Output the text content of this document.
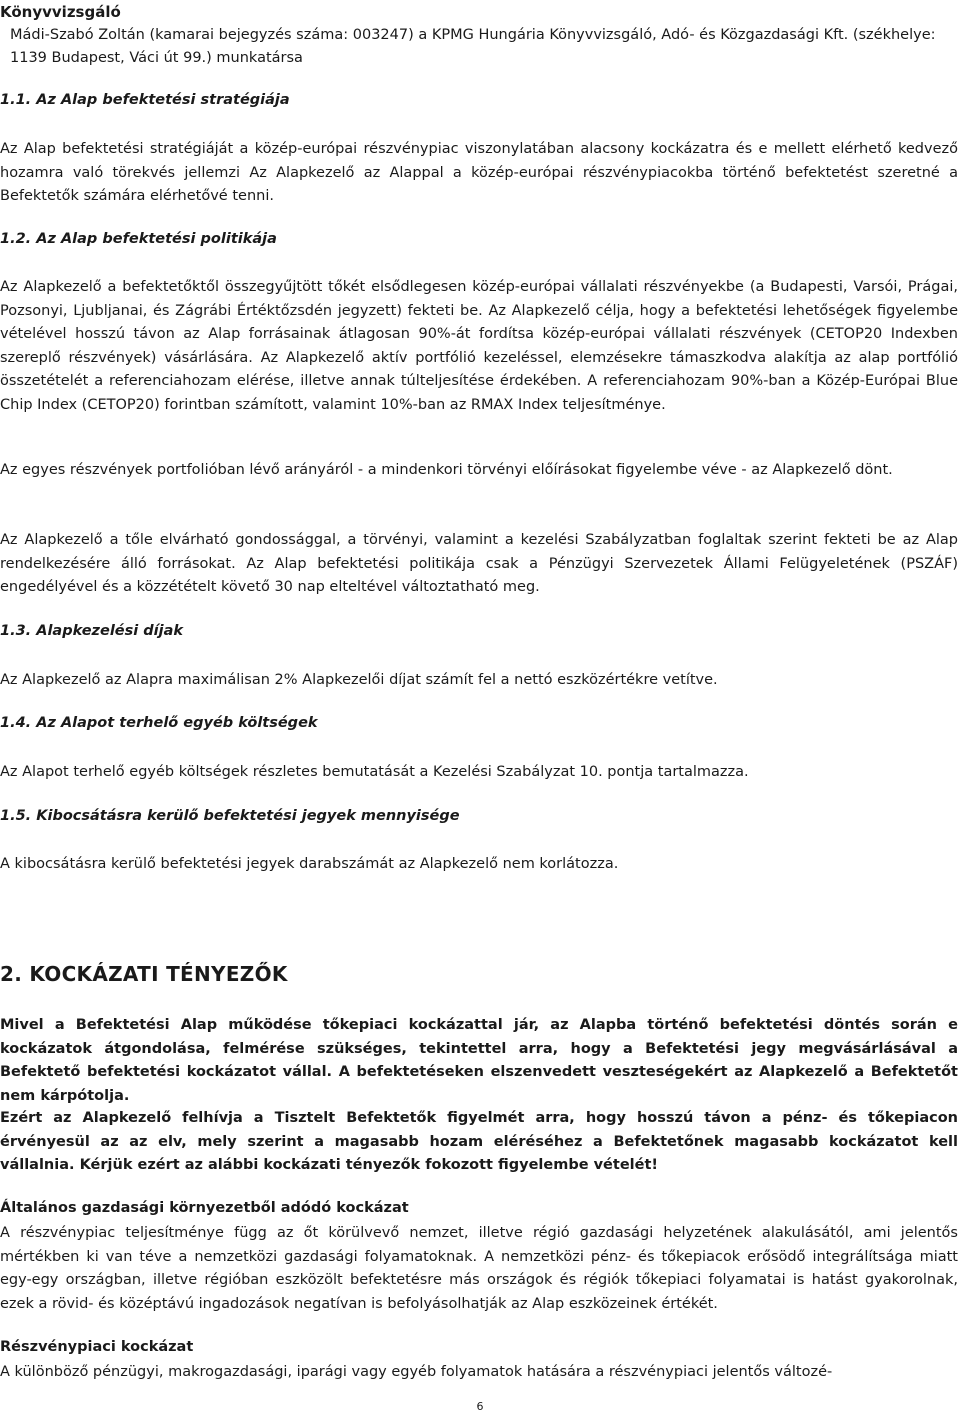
Könyvvizsgáló

Mádi-Szabó Zoltán (kamarai bejegyzés száma: 003247) a KPMG Hungária Könyvvizsgáló, Adó- és Közgazdasági Kft. (székhelye: 1139 Budapest, Váci út 99.) munkatársa

1.1. Az Alap befektetési stratégiája

Az Alap befektetési stratégiáját a közép-európai részvénypiac viszonylatában alacsony kockázatra és e mellett elérhető kedvező hozamra való törekvés jellemzi Az Alapkezelő az Alappal a közép-európai részvénypiacokba történő befektetést szeretné a Befektetők számára elérhetővé tenni.

1.2. Az Alap befektetési politikája

Az Alapkezelő a befektetőktől összegyűjtött tőkét elsődlegesen közép-európai vállalati részvényekbe (a Budapesti, Varsói, Prágai, Pozsonyi, Ljubljanai, és Zágrábi Értéktőzsdén jegyzett) fekteti be. Az Alapkezelő célja, hogy a befektetési lehetőségek figyelembe vételével hosszú távon az Alap forrásainak átlagosan 90%-át fordítsa közép-európai vállalati részvények (CETOP20 Indexben szereplő részvények) vásárlására. Az Alapkezelő aktív portfólió kezeléssel, elemzésekre támaszkodva alakítja az alap portfólió összetételét a referenciahozam elérése, illetve annak túlteljesítése érdekében. A referenciahozam 90%-ban a Közép-Európai Blue Chip Index (CETOP20) forintban számított, valamint 10%-ban az RMAX Index teljesítménye.

Az egyes részvények portfolióban lévő arányáról - a mindenkori törvényi előírásokat figyelembe véve - az Alapkezelő dönt.

Az Alapkezelő a tőle elvárható gondossággal, a törvényi, valamint a kezelési Szabályzatban foglaltak szerint fekteti be az Alap rendelkezésére álló forrásokat. Az Alap befektetési politikája csak a Pénzügyi Szervezetek Állami Felügyeletének (PSZÁF) engedélyével és a közzétételt követő 30 nap elteltével változtatható meg.

1.3. Alapkezelési díjak

Az Alapkezelő az Alapra maximálisan 2% Alapkezelői díjat számít fel a nettó eszközértékre vetítve.

1.4. Az Alapot terhelő egyéb költségek

Az Alapot terhelő egyéb költségek részletes bemutatását a Kezelési Szabályzat 10. pontja tartalmazza.

1.5. Kibocsátásra kerülő befektetési jegyek mennyisége

A kibocsátásra kerülő befektetési jegyek darabszámát az Alapkezelő nem korlátozza.

2. KOCKÁZATI TÉNYEZŐK

Mivel a Befektetési Alap működése tőkepiaci kockázattal jár, az Alapba történő befektetési döntés során e kockázatok átgondolása, felmérése szükséges, tekintettel arra, hogy a Befektetési jegy megvásárlásával a Befektető befektetési kockázatot vállal. A befektetéseken elszenvedett veszteségekért az Alapkezelő a Befektetőt nem kárpótolja.

Ezért az Alapkezelő felhívja a Tisztelt Befektetők figyelmét arra, hogy hosszú távon a pénz- és tőkepiacon érvényesül az az elv, mely szerint a magasabb hozam eléréséhez a Befektetőnek magasabb kockázatot kell vállalnia. Kérjük ezért az alábbi kockázati tényezők fokozott figyelembe vételét!

Általános gazdasági környezetből adódó kockázat

A részvénypiac teljesítménye függ az őt körülvevő nemzet, illetve régió gazdasági helyzetének alakulásától, ami jelentős mértékben ki van téve a nemzetközi gazdasági folyamatoknak. A nemzetközi pénz- és tőkepiacok erősödő integrálítsága miatt egy-egy országban, illetve régióban eszközölt befektetésre más országok és régiók tőkepiaci folyamatai is hatást gyakorolnak, ezek a rövid- és középtávú ingadozások negatívan is befolyásolhatják az Alap eszközeinek értékét.

Részvénypiaci kockázat

A különböző pénzügyi, makrogazdasági, iparági vagy egyéb folyamatok hatására a részvénypiaci jelentős változé-

6
